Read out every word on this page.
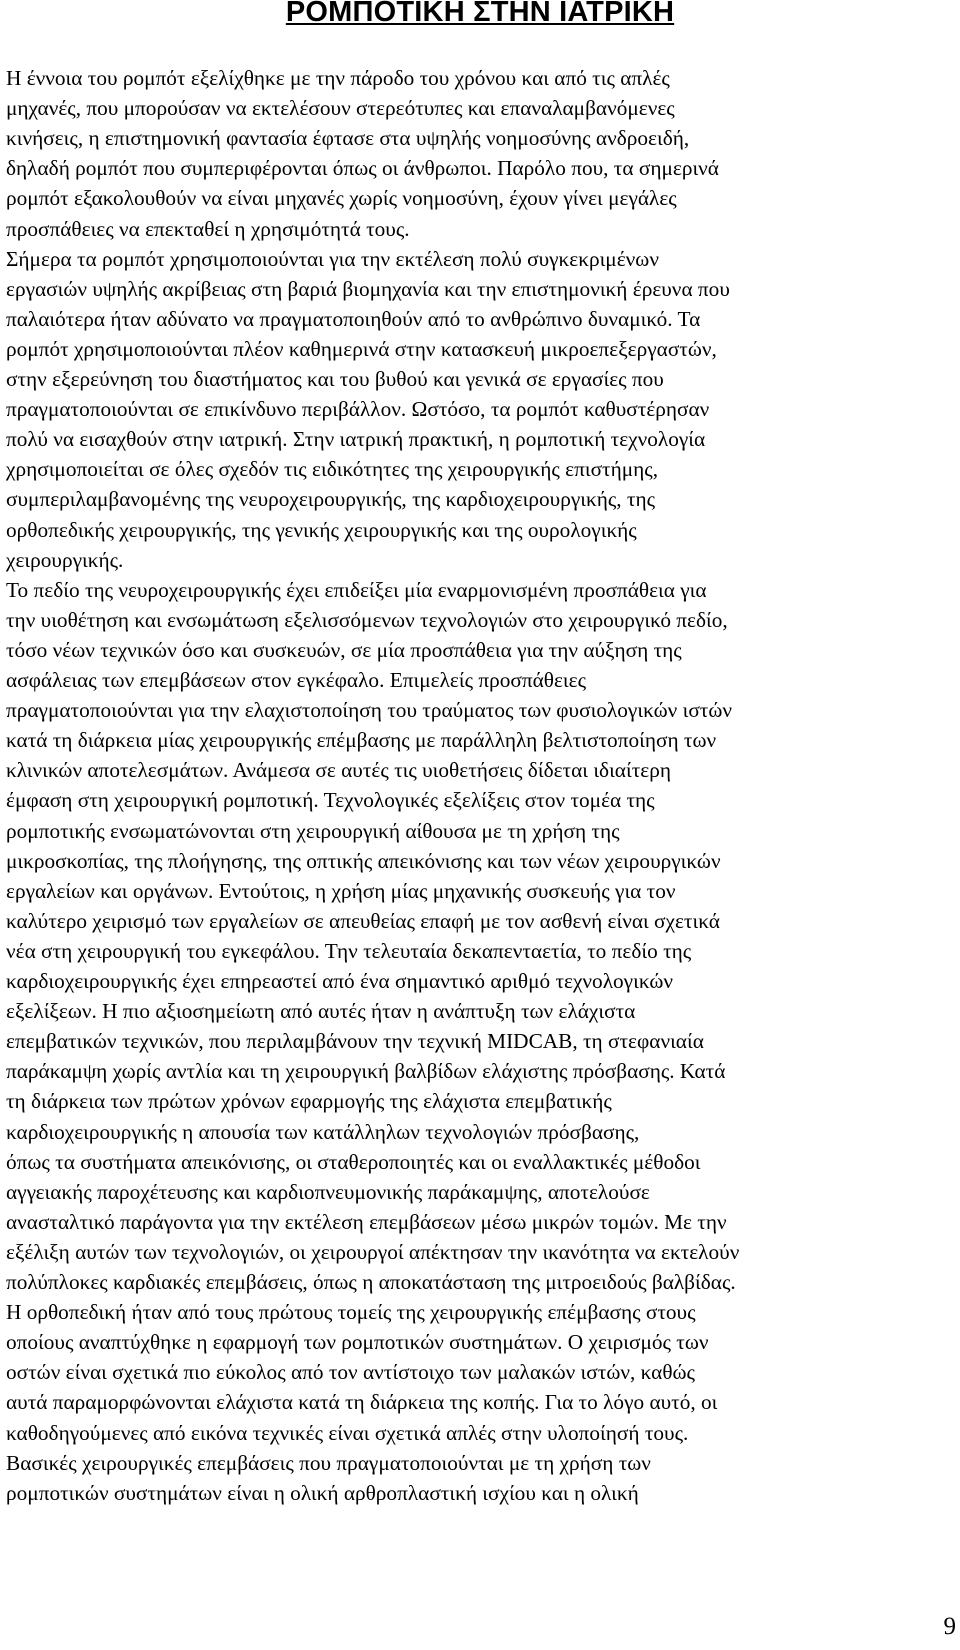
ΡΟΜΠΟΤΙΚΗ ΣΤΗΝ ΙΑΤΡΙΚΗ
Η έννοια του ρομπότ εξελίχθηκε με την πάροδο του χρόνου και από τις απλές
μηχανές, που μπορούσαν να εκτελέσουν στερεότυπες και επαναλαμβανόμενες
κινήσεις, η επιστημονική φαντασία έφτασε στα υψηλής νοημοσύνης ανδροειδή,
δηλαδή ρομπότ που συμπεριφέρονται όπως οι άνθρωποι. Παρόλο που, τα σημερινά
ρομπότ εξακολουθούν να είναι μηχανές χωρίς νοημοσύνη, έχουν γίνει μεγάλες
προσπάθειες να επεκταθεί η χρησιμότητά τους.
Σήμερα τα ρομπότ χρησιμοποιούνται για την εκτέλεση πολύ συγκεκριμένων
εργασιών υψηλής ακρίβειας στη βαριά βιομηχανία και την επιστημονική έρευνα που
παλαιότερα ήταν αδύνατο να πραγματοποιηθούν από το ανθρώπινο δυναμικό. Τα
ρομπότ χρησιμοποιούνται πλέον καθημερινά στην κατασκευή μικροεπεξεργαστών,
στην εξερεύνηση του διαστήματος και του βυθού και γενικά σε εργασίες που
πραγματοποιούνται σε επικίνδυνο περιβάλλον. Ωστόσο, τα ρομπότ καθυστέρησαν
πολύ να εισαχθούν στην ιατρική. Στην ιατρική πρακτική, η ρομποτική τεχνολογία
χρησιμοποιείται σε όλες σχεδόν τις ειδικότητες της χειρουργικής επιστήμης,
συμπεριλαμβανομένης της νευροχειρουργικής, της καρδιοχειρουργικής, της
ορθοπεδικής χειρουργικής, της γενικής χειρουργικής και της ουρολογικής
χειρουργικής.
Το πεδίο της νευροχειρουργικής έχει επιδείξει μία εναρμονισμένη προσπάθεια για
την υιοθέτηση και ενσωμάτωση εξελισσόμενων τεχνολογιών στο χειρουργικό πεδίο,
τόσο νέων τεχνικών όσο και συσκευών, σε μία προσπάθεια για την αύξηση της
ασφάλειας των επεμβάσεων στον εγκέφαλο. Επιμελείς προσπάθειες
πραγματοποιούνται για την ελαχιστοποίηση του τραύματος των φυσιολογικών ιστών
κατά τη διάρκεια μίας χειρουργικής επέμβασης με παράλληλη βελτιστοποίηση των
κλινικών αποτελεσμάτων. Ανάμεσα σε αυτές τις υιοθετήσεις δίδεται ιδιαίτερη
έμφαση στη χειρουργική ρομποτική. Τεχνολογικές εξελίξεις στον τομέα της
ρομποτικής ενσωματώνονται στη χειρουργική αίθουσα με τη χρήση της
μικροσκοπίας, της πλοήγησης, της οπτικής απεικόνισης και των νέων χειρουργικών
εργαλείων και οργάνων. Εντούτοις, η χρήση μίας μηχανικής συσκευής για τον
καλύτερο χειρισμό των εργαλείων σε απευθείας επαφή με τον ασθενή είναι σχετικά
νέα στη χειρουργική του εγκεφάλου. Την τελευταία δεκαπενταετία, το πεδίο της
καρδιοχειρουργικής έχει επηρεαστεί από ένα σημαντικό αριθμό τεχνολογικών
εξελίξεων. Η πιο αξιοσημείωτη από αυτές ήταν η ανάπτυξη των ελάχιστα
επεμβατικών τεχνικών, που περιλαμβάνουν την τεχνική MIDCAB, τη στεφανιαία
παράκαμψη χωρίς αντλία και τη χειρουργική βαλβίδων ελάχιστης πρόσβασης. Κατά
τη διάρκεια των πρώτων χρόνων εφαρμογής της ελάχιστα επεμβατικής
καρδιοχειρουργικής η απουσία των κατάλληλων τεχνολογιών πρόσβασης,
όπως τα συστήματα απεικόνισης, οι σταθεροποιητές και οι εναλλακτικές μέθοδοι
αγγειακής παροχέτευσης και καρδιοπνευμονικής παράκαμψης, αποτελούσε
ανασταλτικό παράγοντα για την εκτέλεση επεμβάσεων μέσω μικρών τομών. Με την
εξέλιξη αυτών των τεχνολογιών, οι χειρουργοί απέκτησαν την ικανότητα να εκτελούν
πολύπλοκες καρδιακές επεμβάσεις, όπως η αποκατάσταση της μιτροειδούς βαλβίδας.
Η ορθοπεδική ήταν από τους πρώτους τομείς της χειρουργικής επέμβασης στους
οποίους αναπτύχθηκε η εφαρμογή των ρομποτικών συστημάτων. Ο χειρισμός των
οστών είναι σχετικά πιο εύκολος από τον αντίστοιχο των μαλακών ιστών, καθώς
αυτά παραμορφώνονται ελάχιστα κατά τη διάρκεια της κοπής. Για το λόγο αυτό, οι
καθοδηγούμενες από εικόνα τεχνικές είναι σχετικά απλές στην υλοποίησή τους.
Βασικές χειρουργικές επεμβάσεις που πραγματοποιούνται με τη χρήση των
ρομποτικών συστημάτων είναι η ολική αρθροπλαστική ισχίου και η ολική
9
